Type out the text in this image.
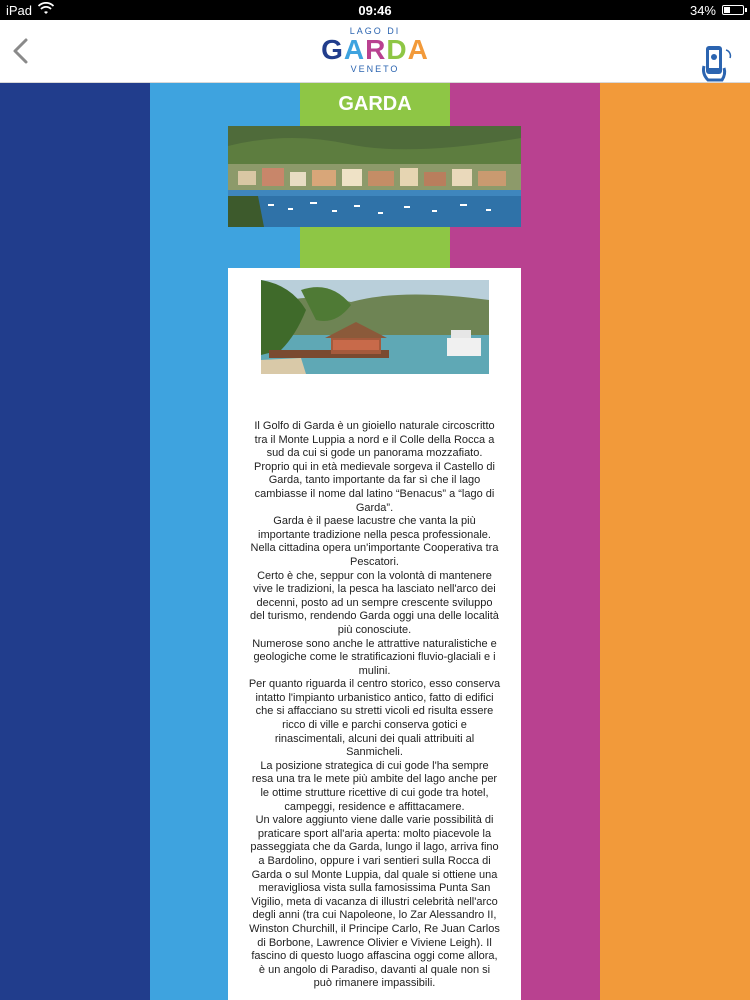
iPad	09:46	34%
LAGO DI
GARDA
VENETO
GARDA
Il Golfo di Garda è un gioiello naturale circoscritto
tra il Monte Luppia a nord e il Colle della Rocca a
sud da cui si gode un panorama mozzafiato.
Proprio qui in età medievale sorgeva il Castello di
Garda, tanto importante da far sì che il lago
cambiasse il nome dal latino “Benacus” a “lago di
Garda”.
Garda è il paese lacustre che vanta la più
importante tradizione nella pesca professionale.
Nella cittadina opera un'importante Cooperativa tra
Pescatori.
Certo è che, seppur con la volontà di mantenere
vive le tradizioni, la pesca ha lasciato nell'arco dei
decenni, posto ad un sempre crescente sviluppo
del turismo, rendendo Garda oggi una delle località
più conosciute.
Numerose sono anche le attrattive naturalistiche e
geologiche come le stratificazioni fluvio-glaciali e i
mulini.
Per quanto riguarda il centro storico, esso conserva
intatto l'impianto urbanistico antico, fatto di edifici
che si affacciano su stretti vicoli ed risulta essere
ricco di ville e parchi conserva gotici e
rinascimentali, alcuni dei quali attribuiti al
Sanmicheli.
La posizione strategica di cui gode l'ha sempre
resa una tra le mete più ambite del lago anche per
le ottime strutture ricettive di cui gode tra hotel,
campeggi, residence e affittacamere.
Un valore aggiunto viene dalle varie possibilità di
praticare sport all'aria aperta: molto piacevole la
passeggiata che da Garda, lungo il lago, arriva fino
a Bardolino, oppure i vari sentieri sulla Rocca di
Garda o sul Monte Luppia, dal quale si ottiene una
meravigliosa vista sulla famosissima Punta San
Vigilio, meta di vacanza di illustri celebrità nell'arco
degli anni (tra cui Napoleone, lo Zar Alessandro II,
Winston Churchill, il Principe Carlo, Re Juan Carlos
di Borbone, Lawrence Olivier e Viviene Leigh). Il
fascino di questo luogo affascina oggi come allora,
è un angolo di Paradiso, davanti al quale non si
può rimanere impassibili.
